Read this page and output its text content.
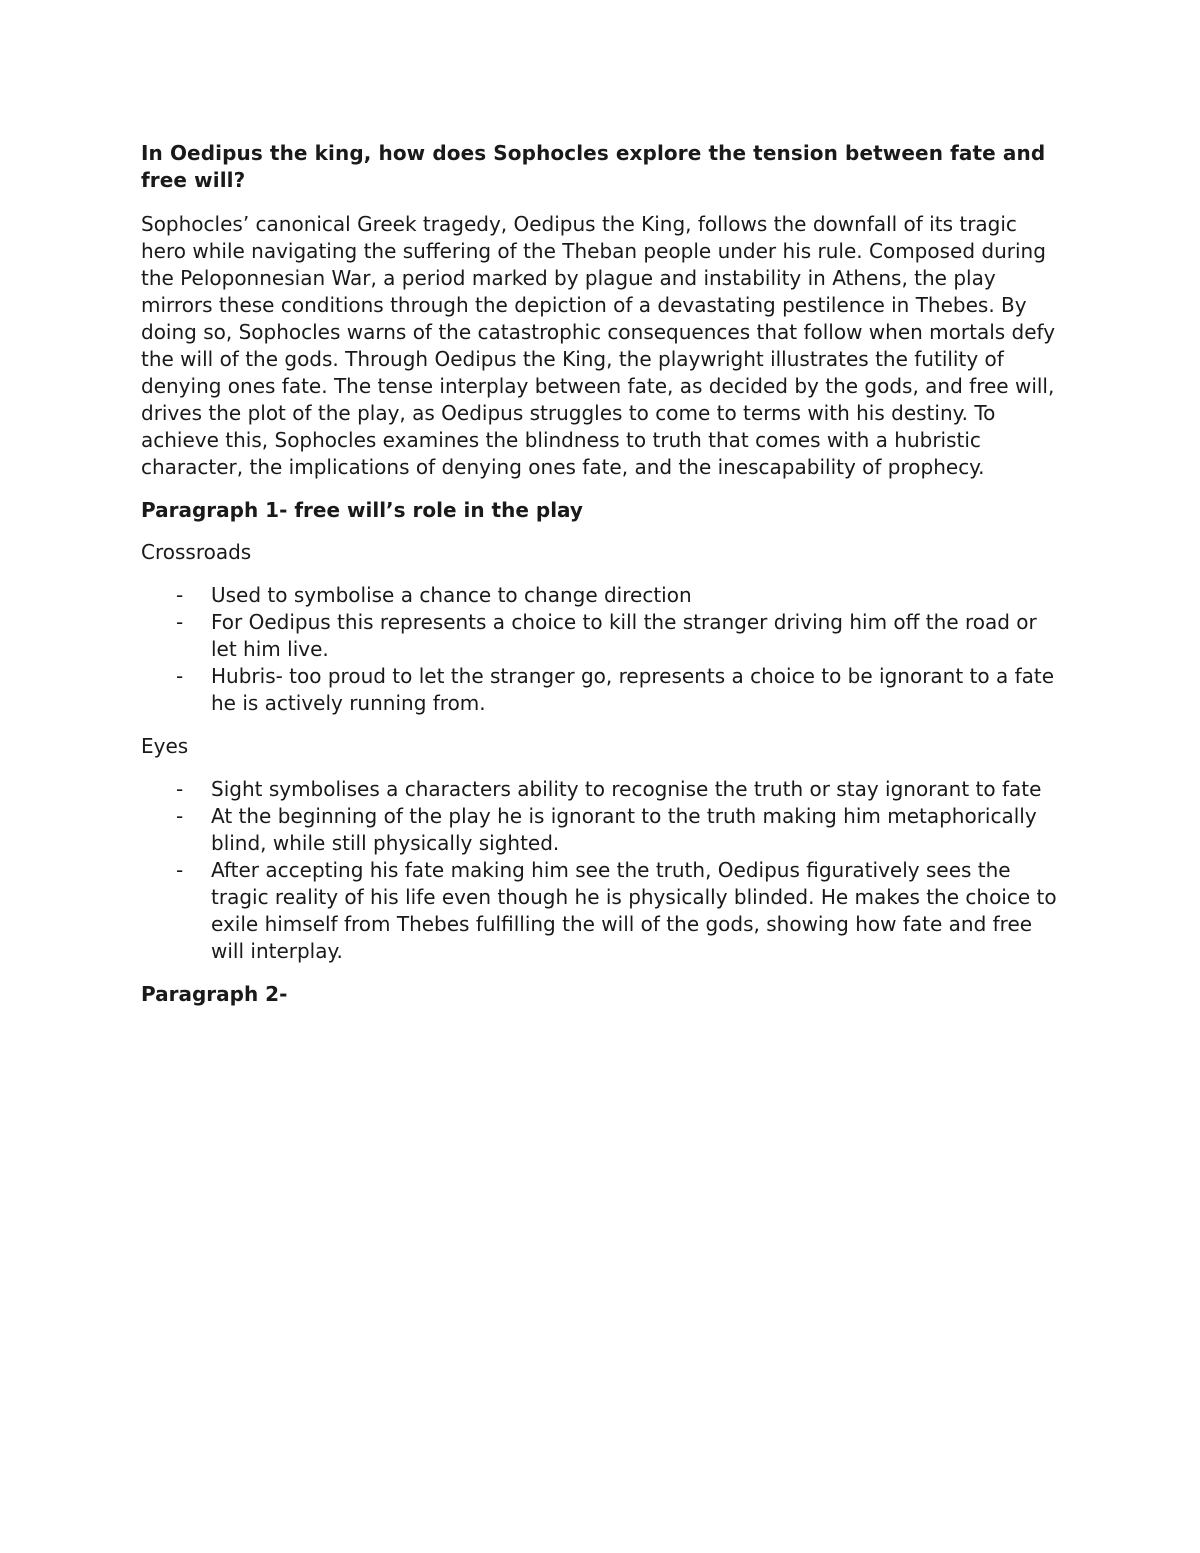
In Oedipus the king, how does Sophocles explore the tension between fate and free will?
Sophocles’ canonical Greek tragedy, Oedipus the King, follows the downfall of its tragic hero while navigating the suffering of the Theban people under his rule. Composed during the Peloponnesian War, a period marked by plague and instability in Athens, the play mirrors these conditions through the depiction of a devastating pestilence in Thebes. By doing so, Sophocles warns of the catastrophic consequences that follow when mortals defy the will of the gods. Through Oedipus the King, the playwright illustrates the futility of denying ones fate. The tense interplay between fate, as decided by the gods, and free will, drives the plot of the play, as Oedipus struggles to come to terms with his destiny. To achieve this, Sophocles examines the blindness to truth that comes with a hubristic character, the implications of denying ones fate, and the inescapability of prophecy.
Paragraph 1- free will’s role in the play
Crossroads
- Used to symbolise a chance to change direction
- For Oedipus this represents a choice to kill the stranger driving him off the road or let him live.
- Hubris- too proud to let the stranger go, represents a choice to be ignorant to a fate he is actively running from.
Eyes
- Sight symbolises a characters ability to recognise the truth or stay ignorant to fate
- At the beginning of the play he is ignorant to the truth making him metaphorically blind, while still physically sighted.
- After accepting his fate making him see the truth, Oedipus figuratively sees the tragic reality of his life even though he is physically blinded. He makes the choice to exile himself from Thebes fulfilling the will of the gods, showing how fate and free will interplay.
Paragraph 2-
